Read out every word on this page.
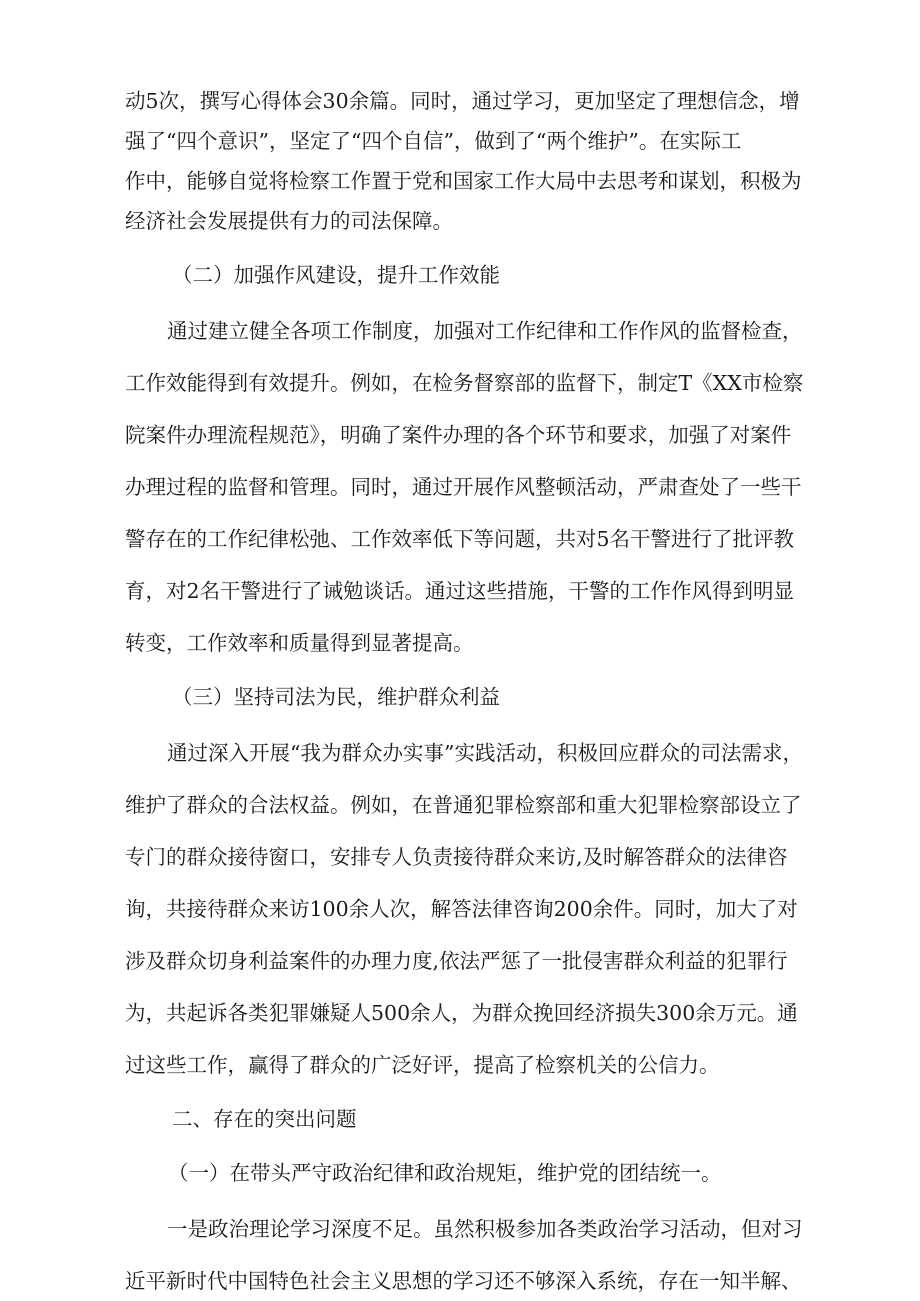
动5次，撰写心得体会30余篇。同时，通过学习，更加坚定了理想信念，增
强了“四个意识”，坚定了“四个自信”，做到了“两个维护”。在实际工
作中，能够自觉将检察工作置于党和国家工作大局中去思考和谋划，积极为
经济社会发展提供有力的司法保障。
（二）加强作风建设，提升工作效能
通过建立健全各项工作制度，加强对工作纪律和工作作风的监督检查，
工作效能得到有效提升。例如，在检务督察部的监督下，制定T《XX市检察
院案件办理流程规范》，明确了案件办理的各个环节和要求，加强了对案件
办理过程的监督和管理。同时，通过开展作风整顿活动，严肃查处了一些干
警存在的工作纪律松弛、工作效率低下等问题，共对5名干警进行了批评教
育，对2名干警进行了诫勉谈话。通过这些措施，干警的工作作风得到明显
转变，工作效率和质量得到显著提高。
（三）坚持司法为民，维护群众利益
通过深入开展“我为群众办实事”实践活动，积极回应群众的司法需求，
维护了群众的合法权益。例如，在普通犯罪检察部和重大犯罪检察部设立了
专门的群众接待窗口，安排专人负责接待群众来访,及时解答群众的法律咨
询，共接待群众来访100余人次，解答法律咨询200余件。同时，加大了对
涉及群众切身利益案件的办理力度,依法严惩了一批侵害群众利益的犯罪行
为，共起诉各类犯罪嫌疑人500余人，为群众挽回经济损失300余万元。通
过这些工作，赢得了群众的广泛好评，提高了检察机关的公信力。
二、存在的突出问题
（一）在带头严守政治纪律和政治规矩，维护党的团结统一。
一是政治理论学习深度不足。虽然积极参加各类政治学习活动，但对习
近平新时代中国特色社会主义思想的学习还不够深入系统，存在一知半解、
